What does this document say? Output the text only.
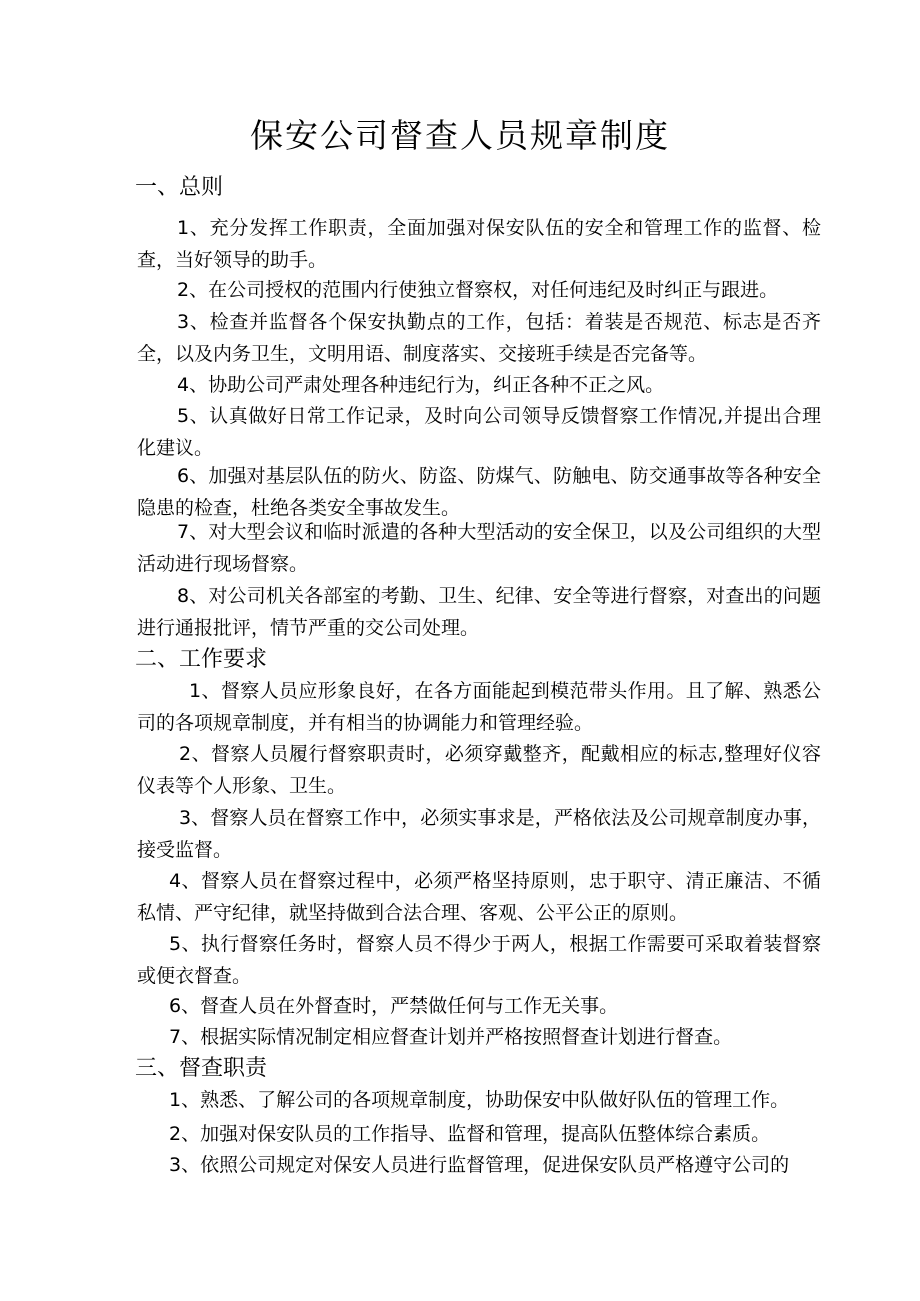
保安公司督查人员规章制度
一、总则
1、充分发挥工作职责，全面加强对保安队伍的安全和管理工作的监督、检查，当好领导的助手。
2、在公司授权的范围内行使独立督察权，对任何违纪及时纠正与跟进。
3、检查并监督各个保安执勤点的工作，包括：着装是否规范、标志是否齐全，以及内务卫生，文明用语、制度落实、交接班手续是否完备等。
4、协助公司严肃处理各种违纪行为，纠正各种不正之风。
5、认真做好日常工作记录，及时向公司领导反馈督察工作情况,并提出合理化建议。
6、加强对基层队伍的防火、防盗、防煤气、防触电、防交通事故等各种安全隐患的检查，杜绝各类安全事故发生。
7、对大型会议和临时派遣的各种大型活动的安全保卫，以及公司组织的大型活动进行现场督察。
8、对公司机关各部室的考勤、卫生、纪律、安全等进行督察，对查出的问题进行通报批评，情节严重的交公司处理。
二、工作要求
1、督察人员应形象良好，在各方面能起到模范带头作用。且了解、熟悉公司的各项规章制度，并有相当的协调能力和管理经验。
2、督察人员履行督察职责时，必须穿戴整齐，配戴相应的标志,整理好仪容仪表等个人形象、卫生。
3、督察人员在督察工作中，必须实事求是，严格依法及公司规章制度办事，接受监督。
4、督察人员在督察过程中，必须严格坚持原则，忠于职守、清正廉洁、不循私情、严守纪律，就坚持做到合法合理、客观、公平公正的原则。
5、执行督察任务时，督察人员不得少于两人，根据工作需要可采取着装督察或便衣督查。
6、督查人员在外督查时，严禁做任何与工作无关事。
7、根据实际情况制定相应督查计划并严格按照督查计划进行督查。
三、督查职责
1、熟悉、了解公司的各项规章制度，协助保安中队做好队伍的管理工作。
2、加强对保安队员的工作指导、监督和管理，提高队伍整体综合素质。
3、依照公司规定对保安人员进行监督管理，促进保安队员严格遵守公司的
